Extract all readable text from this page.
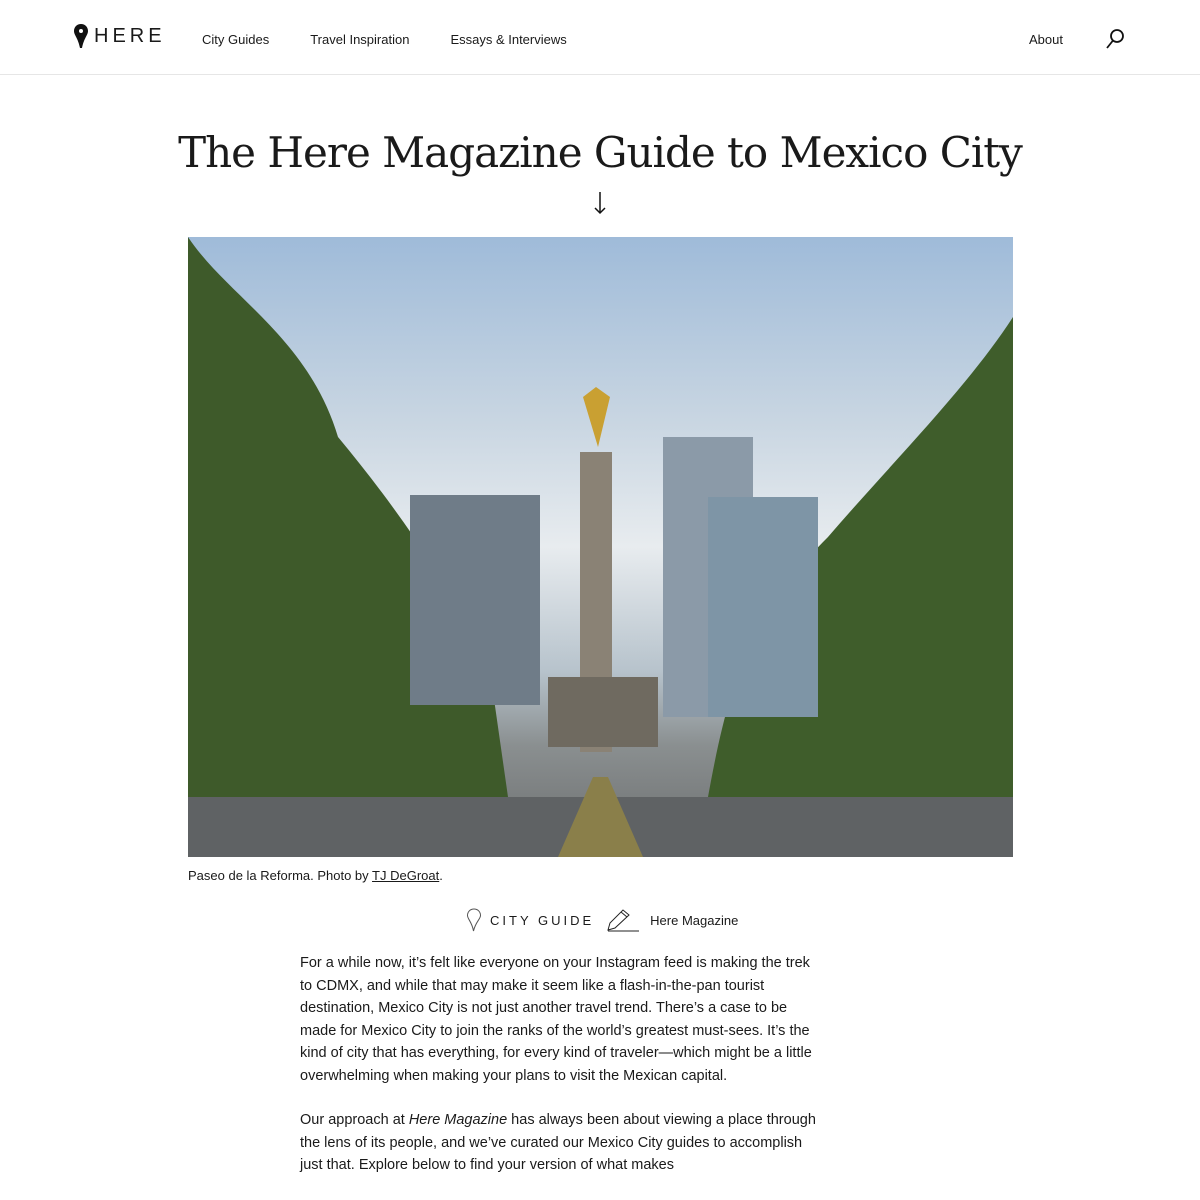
HERE	City Guides	Travel Inspiration	Essays & Interviews	About
The Here Magazine Guide to Mexico City
Paseo de la Reforma. Photo by TJ DeGroat.
CITY GUIDE	Here Magazine

For a while now, it’s felt like everyone on your Instagram feed is making the trek to CDMX, and while that may make it seem like a flash-in-the-pan tourist destination, Mexico City is not just another travel trend. There’s a case to be made for Mexico City to join the ranks of the world’s greatest must-sees. It’s the kind of city that has everything, for every kind of traveler—which might be a little overwhelming when making your plans to visit the Mexican capital.

Our approach at Here Magazine has always been about viewing a place through the lens of its people, and we’ve curated our Mexico City guides to accomplish just that. Explore below to find your version of what makes
